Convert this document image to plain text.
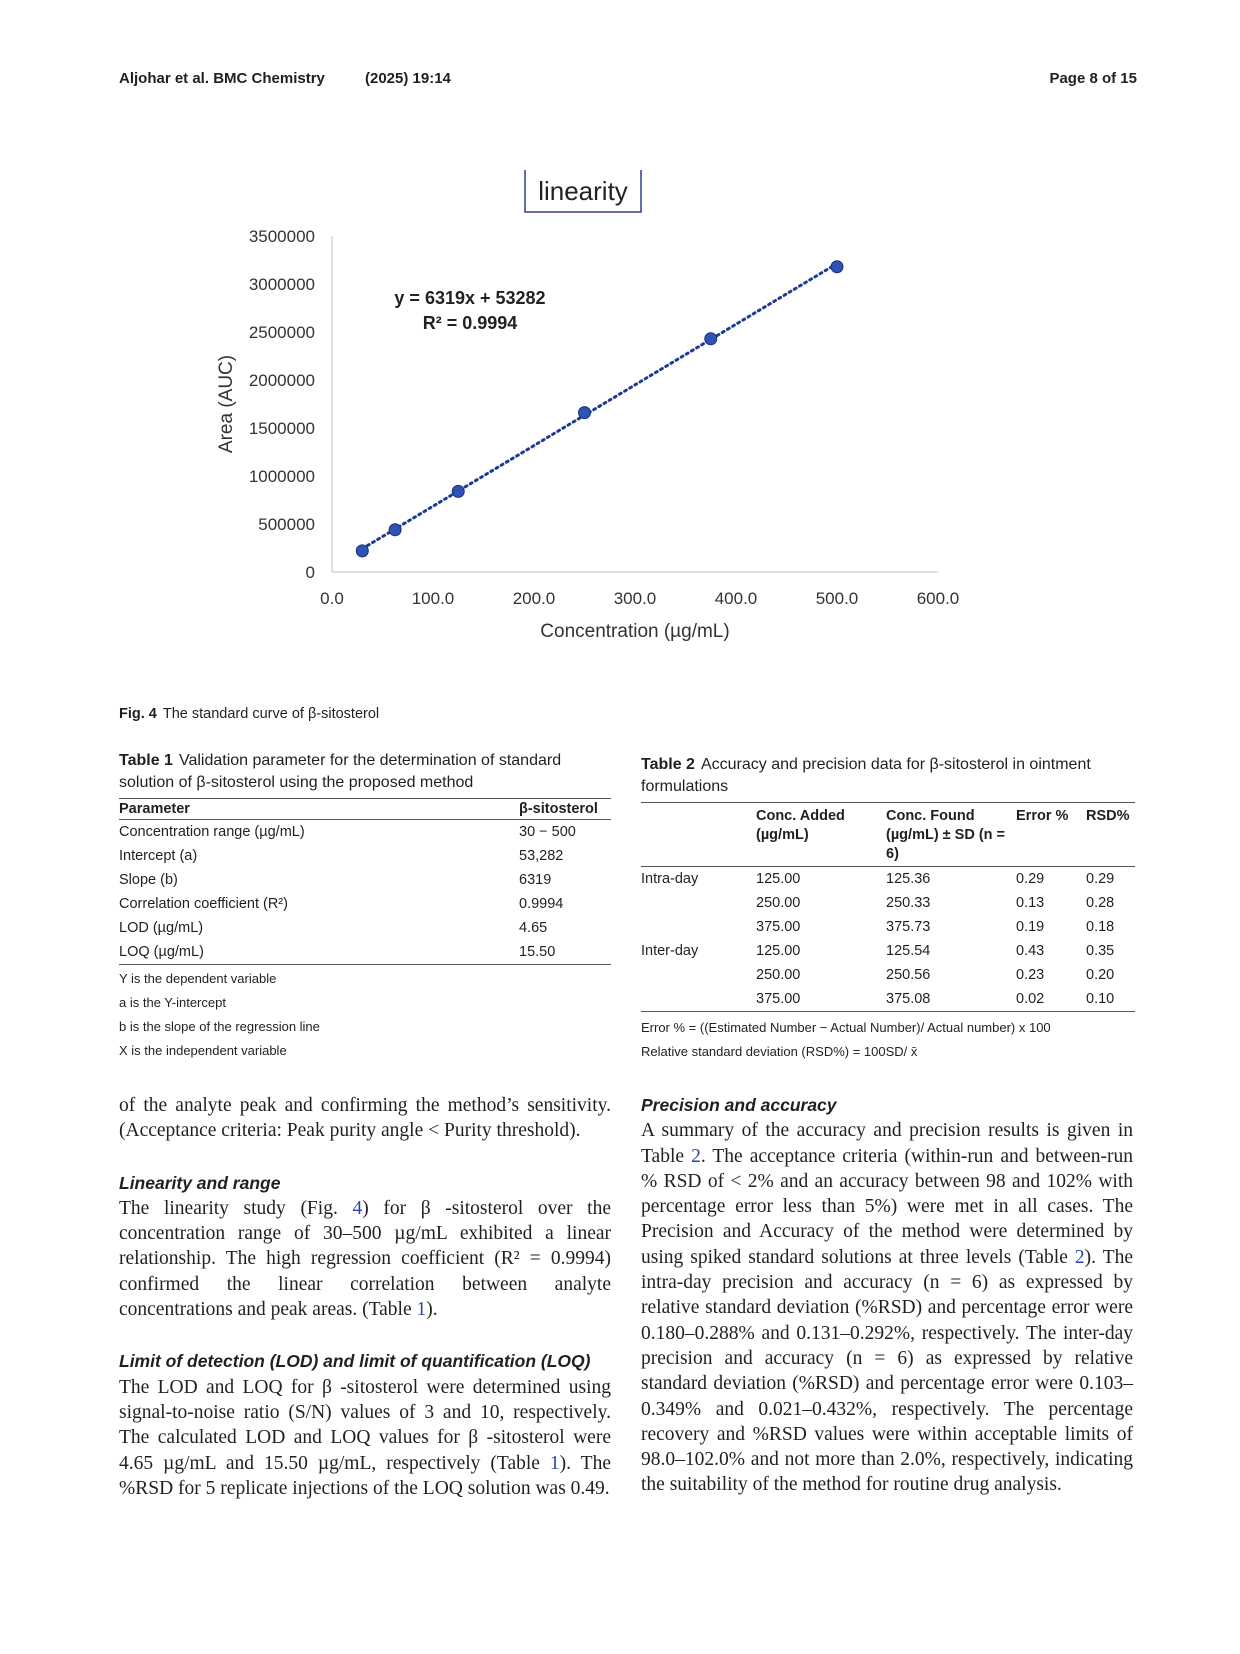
Aljohar et al. BMC Chemistry	(2025) 19:14	Page 8 of 15
linearity
0
500000
1000000
1500000
2000000
2500000
3000000
3500000
0.0	100.0	200.0	300.0	400.0	500.0	600.0
y = 6319x + 53282
R² = 0.9994
Concentration (µg/mL)
Area (AUC)
Fig. 4 The standard curve of β-sitosterol
Table 1 Validation parameter for the determination of standard solution of β-sitosterol using the proposed method
Parameter	β-sitosterol
Concentration range (µg/mL)	30 − 500
Intercept (a)	53,282
Slope (b)	6319
Correlation coefficient (R²)	0.9994
LOD (µg/mL)	4.65
LOQ (µg/mL)	15.50
Y is the dependent variable
a is the Y-intercept
b is the slope of the regression line
X is the independent variable
Table 2 Accuracy and precision data for β-sitosterol in ointment formulations
	Conc. Added (µg/mL)	Conc. Found (µg/mL) ± SD (n = 6)	Error %	RSD%
Intra-day	125.00	125.36	0.29	0.29
	250.00	250.33	0.13	0.28
	375.00	375.73	0.19	0.18
Inter-day	125.00	125.54	0.43	0.35
	250.00	250.56	0.23	0.20
	375.00	375.08	0.02	0.10
Error % = ((Estimated Number − Actual Number)/ Actual number) x 100
Relative standard deviation (RSD%) = 100SD/ x̄

of the analyte peak and confirming the method’s sensitivity. (Acceptance criteria: Peak purity angle < Purity threshold).

Linearity and range

The linearity study (Fig. 4) for β -sitosterol over the concentration range of 30–500 µg/mL exhibited a linear relationship. The high regression coefficient (R² = 0.9994) confirmed the linear correlation between analyte concentrations and peak areas. (Table 1).

Limit of detection (LOD) and limit of quantification (LOQ)

The LOD and LOQ for β -sitosterol were determined using signal-to-noise ratio (S/N) values of 3 and 10, respectively. The calculated LOD and LOQ values for β -sitosterol were 4.65 µg/mL and 15.50 µg/mL, respectively (Table 1). The %RSD for 5 replicate injections of the LOQ solution was 0.49.

Precision and accuracy

A summary of the accuracy and precision results is given in Table 2. The acceptance criteria (within-run and between-run % RSD of < 2% and an accuracy between 98 and 102% with percentage error less than 5%) were met in all cases. The Precision and Accuracy of the method were determined by using spiked standard solutions at three levels (Table 2). The intra-day precision and accuracy (n = 6) as expressed by relative standard deviation (%RSD) and percentage error were 0.180–0.288% and 0.131–0.292%, respectively. The inter-day precision and accuracy (n = 6) as expressed by relative standard deviation (%RSD) and percentage error were 0.103–0.349% and 0.021–0.432%, respectively. The percentage recovery and %RSD values were within acceptable limits of 98.0–102.0% and not more than 2.0%, respectively, indicating the suitability of the method for routine drug analysis.
